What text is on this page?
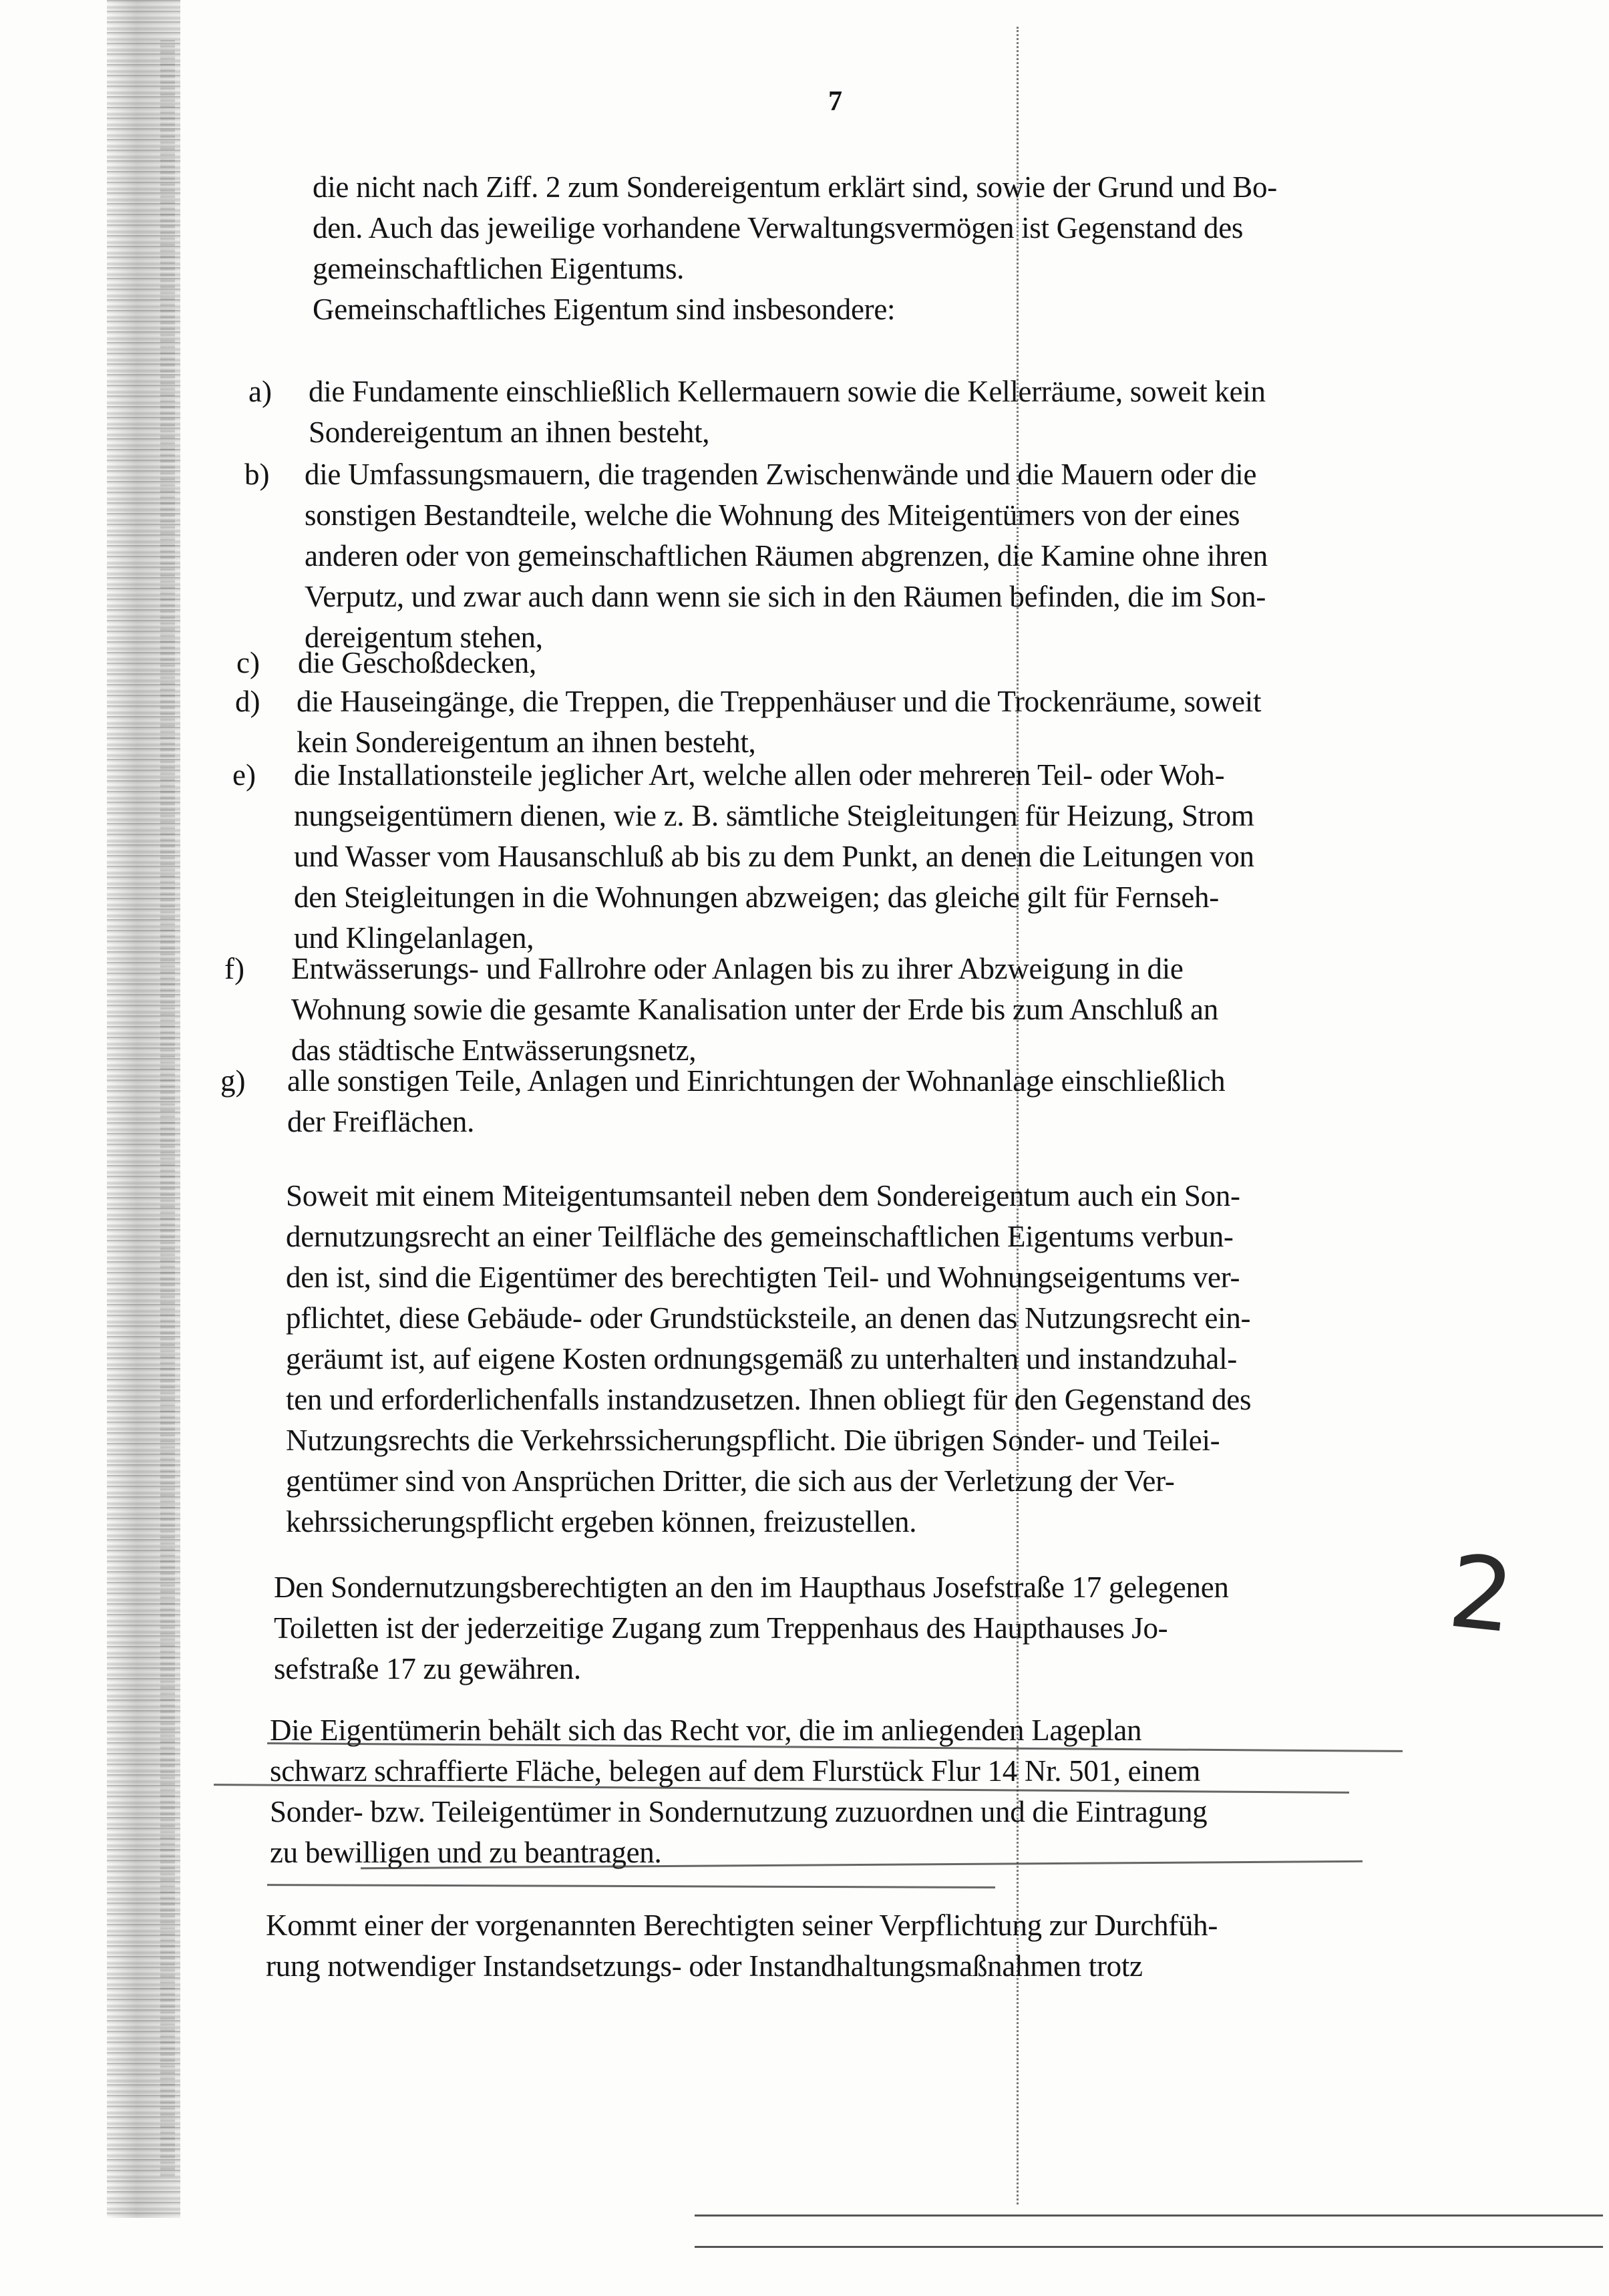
7
die nicht nach Ziff. 2 zum Sondereigentum erklärt sind, sowie der Grund und Bo-
den. Auch das jeweilige vorhandene Verwaltungsvermögen ist Gegenstand des
gemeinschaftlichen Eigentums.
Gemeinschaftliches Eigentum sind insbesondere:
a) die Fundamente einschließlich Kellermauern sowie die Kellerräume, soweit kein
Sondereigentum an ihnen besteht,
b) die Umfassungsmauern, die tragenden Zwischenwände und die Mauern oder die
sonstigen Bestandteile, welche die Wohnung des Miteigentümers von der eines
anderen oder von gemeinschaftlichen Räumen abgrenzen, die Kamine ohne ihren
Verputz, und zwar auch dann wenn sie sich in den Räumen befinden, die im Son-
dereigentum stehen,
c) die Geschoßdecken,
d) die Hauseingänge, die Treppen, die Treppenhäuser und die Trockenräume, soweit
kein Sondereigentum an ihnen besteht,
e) die Installationsteile jeglicher Art, welche allen oder mehreren Teil- oder Woh-
nungseigentümern dienen, wie z. B. sämtliche Steigleitungen für Heizung, Strom
und Wasser vom Hausanschluß ab bis zu dem Punkt, an denen die Leitungen von
den Steigleitungen in die Wohnungen abzweigen; das gleiche gilt für Fernseh-
und Klingelanlagen,
f) Entwässerungs- und Fallrohre oder Anlagen bis zu ihrer Abzweigung in die
Wohnung sowie die gesamte Kanalisation unter der Erde bis zum Anschluß an
das städtische Entwässerungsnetz,
g) alle sonstigen Teile, Anlagen und Einrichtungen der Wohnanlage einschließlich
der Freiflächen.
Soweit mit einem Miteigentumsanteil neben dem Sondereigentum auch ein Son-
dernutzungsrecht an einer Teilfläche des gemeinschaftlichen Eigentums verbun-
den ist, sind die Eigentümer des berechtigten Teil- und Wohnungseigentums ver-
pflichtet, diese Gebäude- oder Grundstücksteile, an denen das Nutzungsrecht ein-
geräumt ist, auf eigene Kosten ordnungsgemäß zu unterhalten und instandzuhal-
ten und erforderlichenfalls instandzusetzen. Ihnen obliegt für den Gegenstand des
Nutzungsrechts die Verkehrssicherungspflicht. Die übrigen Sonder- und Teilei-
gentümer sind von Ansprüchen Dritter, die sich aus der Verletzung der Ver-
kehrssicherungspflicht ergeben können, freizustellen.
Den Sondernutzungsberechtigten an den im Haupthaus Josefstraße 17 gelegenen
Toiletten ist der jederzeitige Zugang zum Treppenhaus des Haupthauses Jo-
sefstraße 17 zu gewähren.
Die Eigentümerin behält sich das Recht vor, die im anliegenden Lageplan
schwarz schraffierte Fläche, belegen auf dem Flurstück Flur 14 Nr. 501, einem
Sonder- bzw. Teileigentümer in Sondernutzung zuzuordnen und die Eintragung
zu bewilligen und zu beantragen.
Kommt einer der vorgenannten Berechtigten seiner Verpflichtung zur Durchfüh-
rung notwendiger Instandsetzungs- oder Instandhaltungsmaßnahmen trotz
2
